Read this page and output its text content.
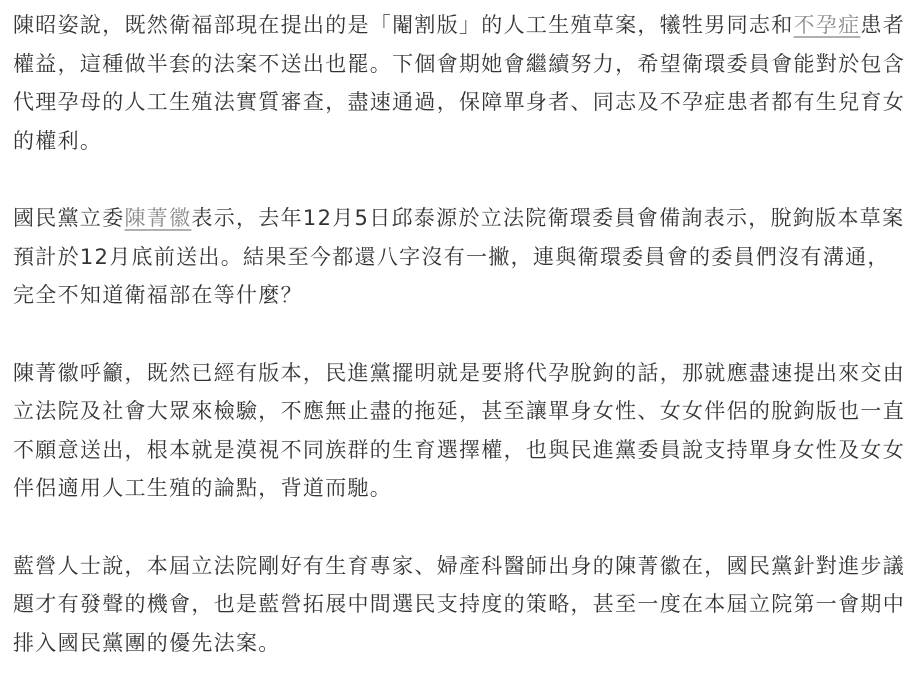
陳昭姿說，既然衛福部現在提出的是「閹割版」的人工生殖草案，犧牲男同志和不孕症患者權益，這種做半套的法案不送出也罷。下個會期她會繼續努力，希望衛環委員會能對於包含代理孕母的人工生殖法實質審查，盡速通過，保障單身者、同志及不孕症患者都有生兒育女的權利。

國民黨立委陳菁徽表示，去年12月5日邱泰源於立法院衛環委員會備詢表示，脫鉤版本草案預計於12月底前送出。結果至今都還八字沒有一撇，連與衛環委員會的委員們沒有溝通，完全不知道衛福部在等什麼？

陳菁徽呼籲，既然已經有版本，民進黨擺明就是要將代孕脫鉤的話，那就應盡速提出來交由立法院及社會大眾來檢驗，不應無止盡的拖延，甚至讓單身女性、女女伴侶的脫鉤版也一直不願意送出，根本就是漠視不同族群的生育選擇權，也與民進黨委員說支持單身女性及女女伴侶適用人工生殖的論點，背道而馳。

藍營人士說，本屆立法院剛好有生育專家、婦產科醫師出身的陳菁徽在，國民黨針對進步議題才有發聲的機會，也是藍營拓展中間選民支持度的策略，甚至一度在本屆立院第一會期中排入國民黨團的優先法案。
